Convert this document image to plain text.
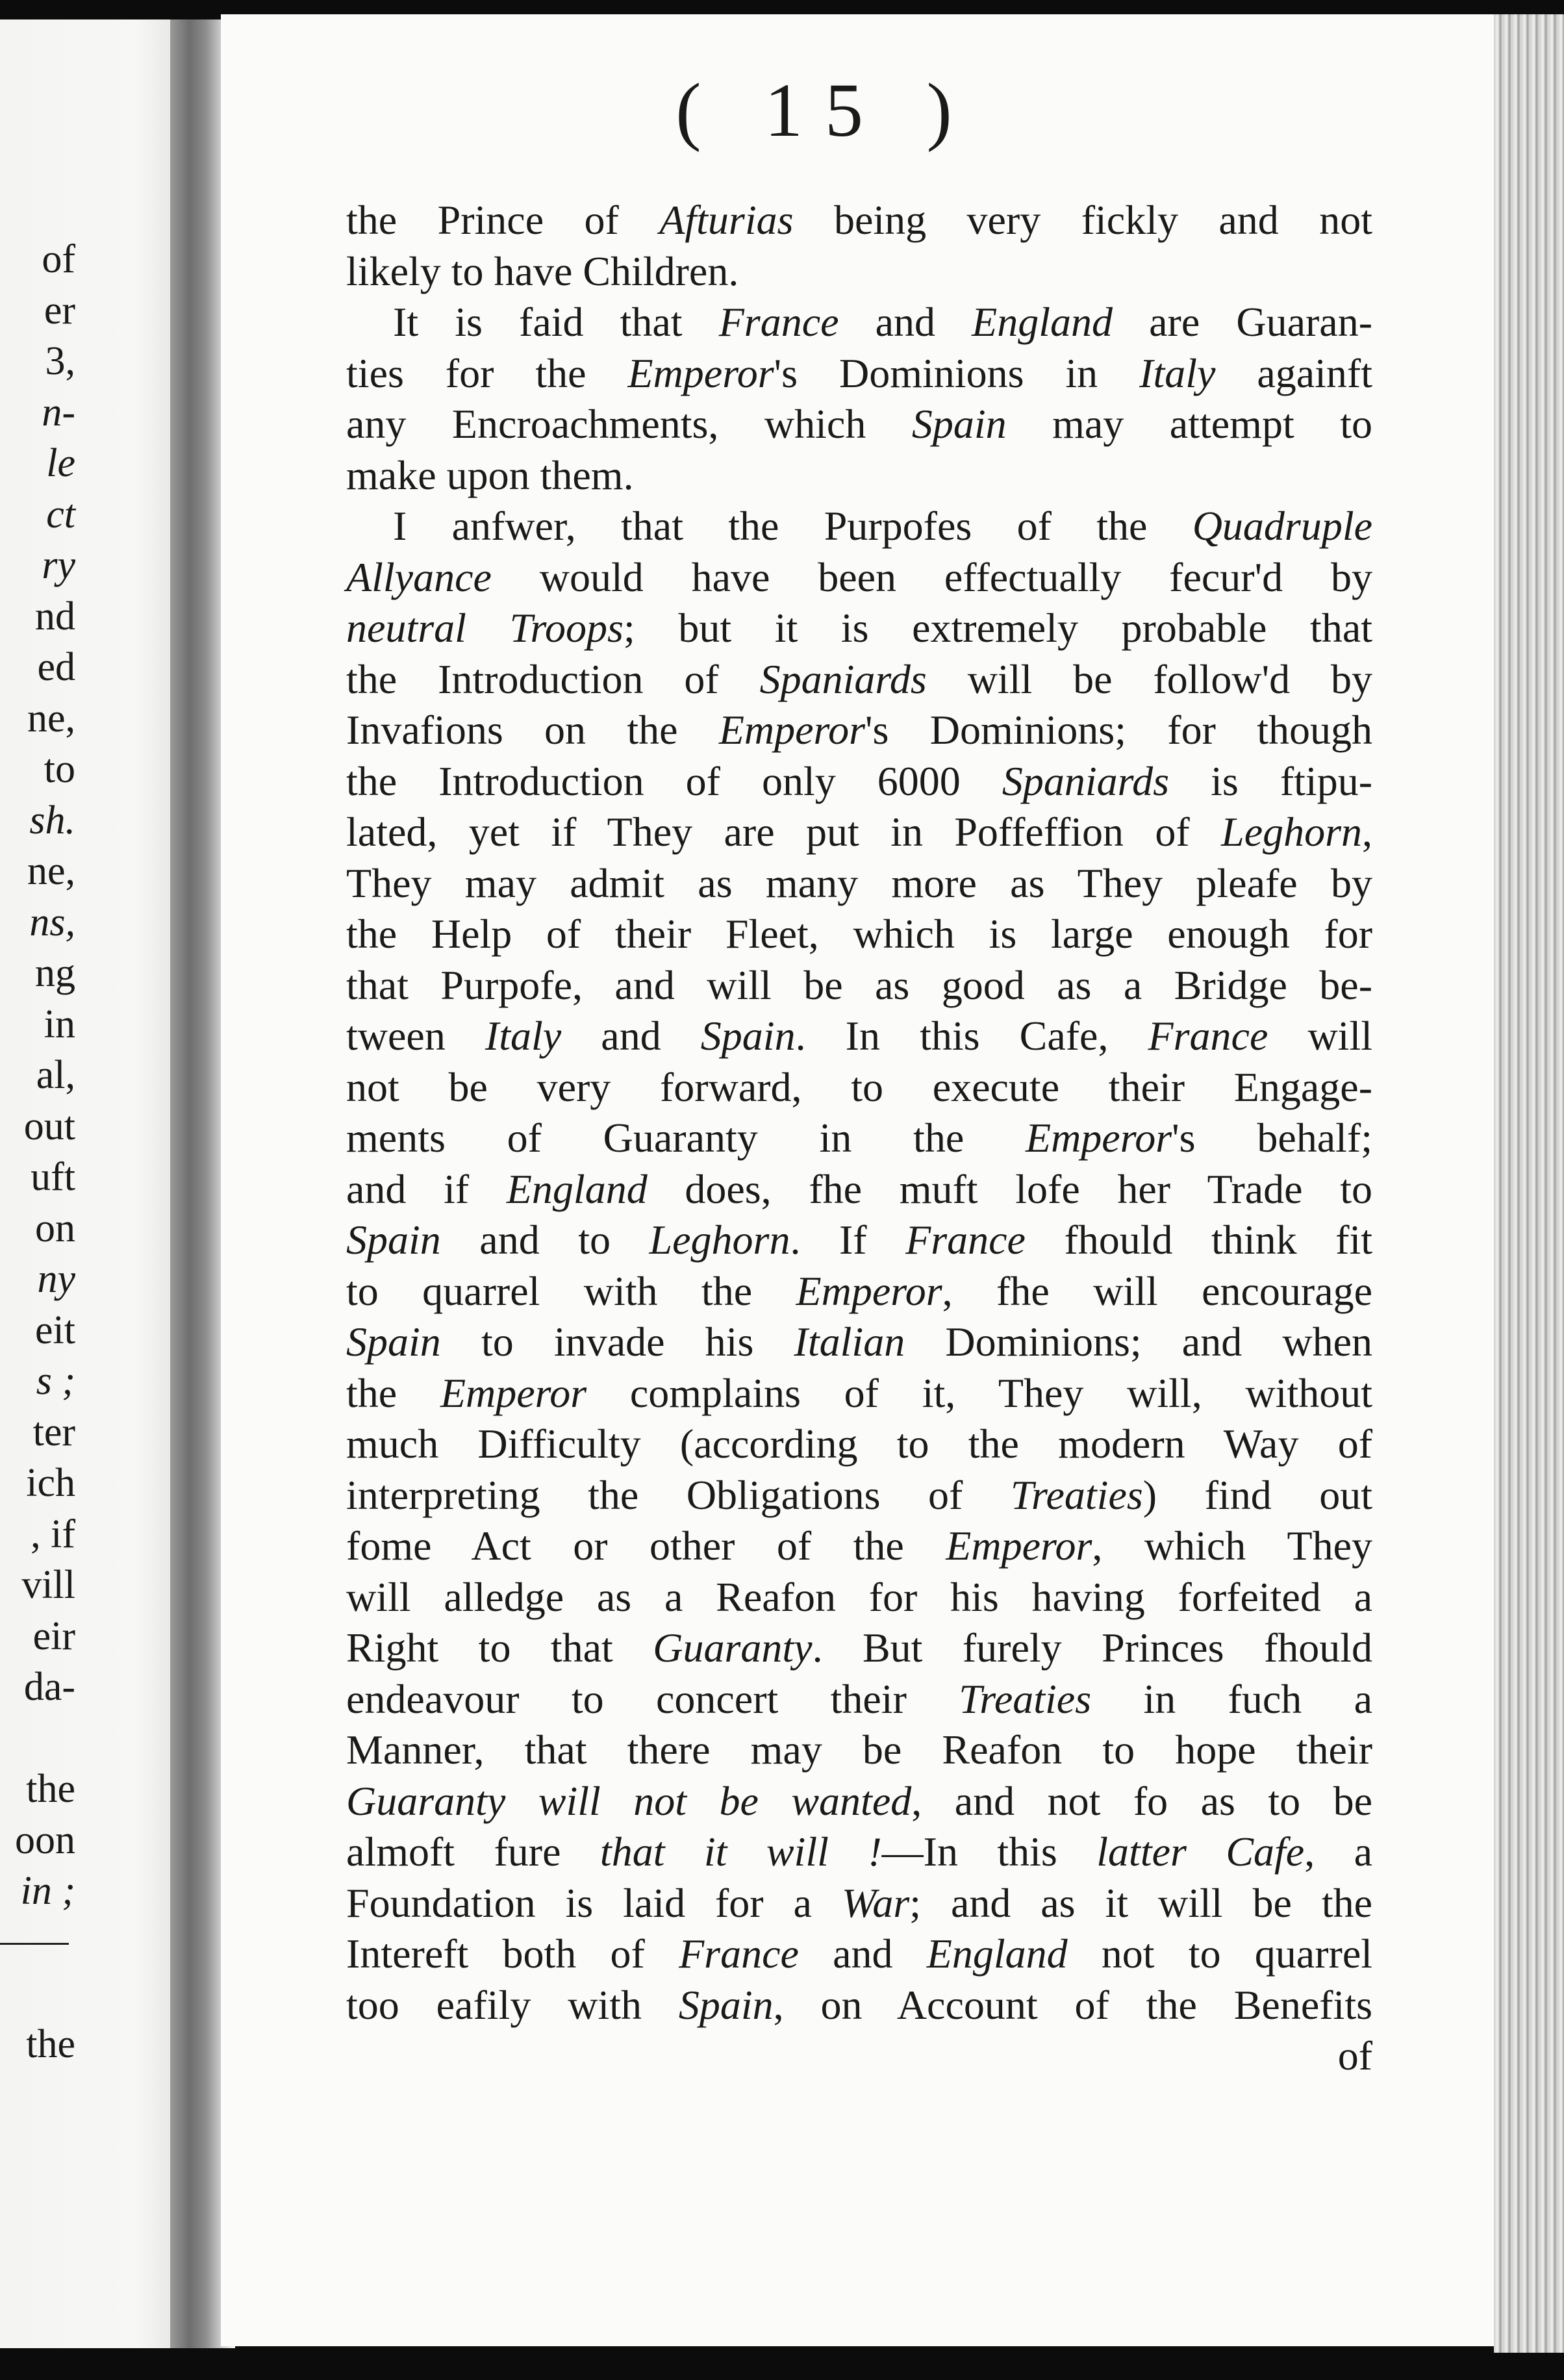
of
er
3,
n-
le
ct
ry
nd
ed
ne,
to
sh.
ne,
ns,
ng
in
al,
out
uft
on
ny
eit
s ;
ter
ich
, if
vill
eir
da-
the
oon
in ;
the
( 15 )
the Prince of Afturias being very fickly and not
likely to have Children.
It is faid that France and England are Guaran-
ties for the Emperor's Dominions in Italy againft
any Encroachments, which Spain may attempt to
make upon them.
I anfwer, that the Purpofes of the Quadruple
Allyance would have been effectually fecur'd by
neutral Troops; but it is extremely probable that
the Introduction of Spaniards will be follow'd by
Invafions on the Emperor's Dominions; for though
the Introduction of only 6000 Spaniards is ftipu-
lated, yet if They are put in Poffeffion of Leghorn,
They may admit as many more as They pleafe by
the Help of their Fleet, which is large enough for
that Purpofe, and will be as good as a Bridge be-
tween Italy and Spain. In this Cafe, France will
not be very forward, to execute their Engage-
ments of Guaranty in the Emperor's behalf;
and if England does, fhe muft lofe her Trade to
Spain and to Leghorn. If France fhould think fit
to quarrel with the Emperor, fhe will encourage
Spain to invade his Italian Dominions; and when
the Emperor complains of it, They will, without
much Difficulty (according to the modern Way of
interpreting the Obligations of Treaties) find out
fome Act or other of the Emperor, which They
will alledge as a Reafon for his having forfeited a
Right to that Guaranty. But furely Princes fhould
endeavour to concert their Treaties in fuch a
Manner, that there may be Reafon to hope their
Guaranty will not be wanted, and not fo as to be
almoft fure that it will !—In this latter Cafe, a
Foundation is laid for a War; and as it will be the
Intereft both of France and England not to quarrel
too eafily with Spain, on Account of the Benefits
of
